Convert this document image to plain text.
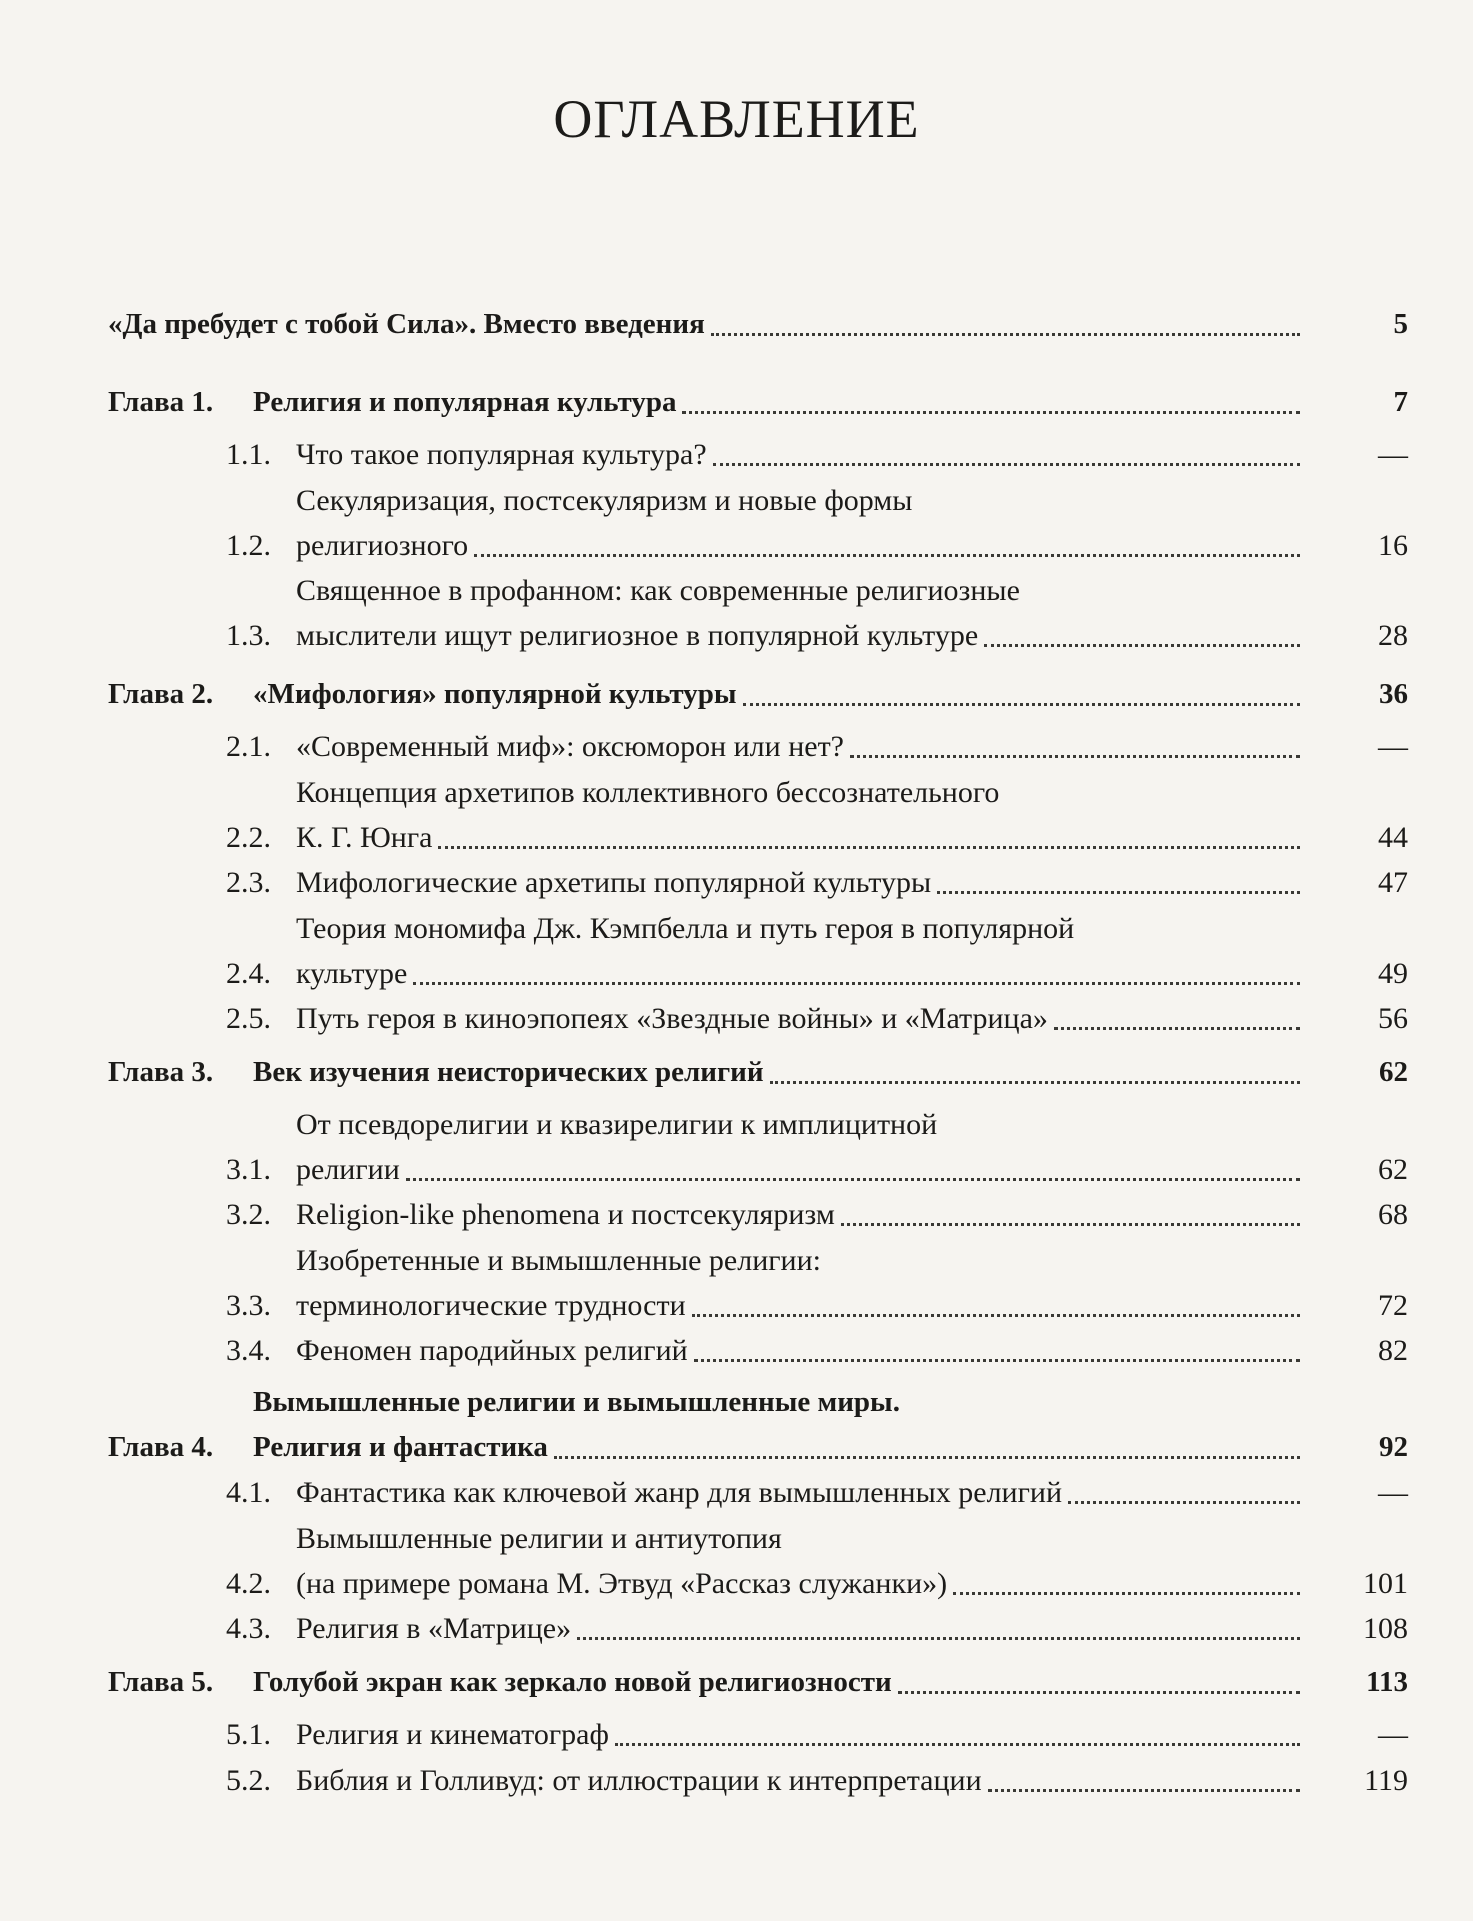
ОГЛАВЛЕНИЕ
«Да пребудет с тобой Сила». Вместо введения	5
Глава 1.	Религия и популярная культура	7
1.1. Что такое популярная культура?	—
1.2.
Секуляризация, постсекуляризм и новые формы
религиозного	16
1.3.
Священное в профанном: как современные религиозные
мыслители ищут религиозное в популярной культуре	28
Глава 2.	«Мифология» популярной культуры	36
2.1. «Современный миф»: оксюморон или нет?	—
2.2.
Концепция архетипов коллективного бессознательного
К. Г. Юнга	44
2.3. Мифологические архетипы популярной культуры	47
2.4.
Теория мономифа Дж. Кэмпбелла и путь героя в популярной
культуре	49
2.5. Путь героя в киноэпопеях «Звездные войны» и «Матрица»	56
Глава 3.	Век изучения неисторических религий	62
3.1.
От псевдорелигии и квазирелигии к имплицитной
религии	62
3.2. Religion-like phenomena и постсекуляризм	68
3.3.
Изобретенные и вымышленные религии:
терминологические трудности	72
3.4. Феномен пародийных религий	82
Глава 4.
Вымышленные религии и вымышленные миры.
Религия и фантастика	92
4.1. Фантастика как ключевой жанр для вымышленных религий	—
4.2.
Вымышленные религии и антиутопия
(на примере романа М. Этвуд «Рассказ служанки»)	101
4.3. Религия в «Матрице»	108
Глава 5.	Голубой экран как зеркало новой религиозности	113
5.1. Религия и кинематограф	—
5.2. Библия и Голливуд: от иллюстрации к интерпретации	119
